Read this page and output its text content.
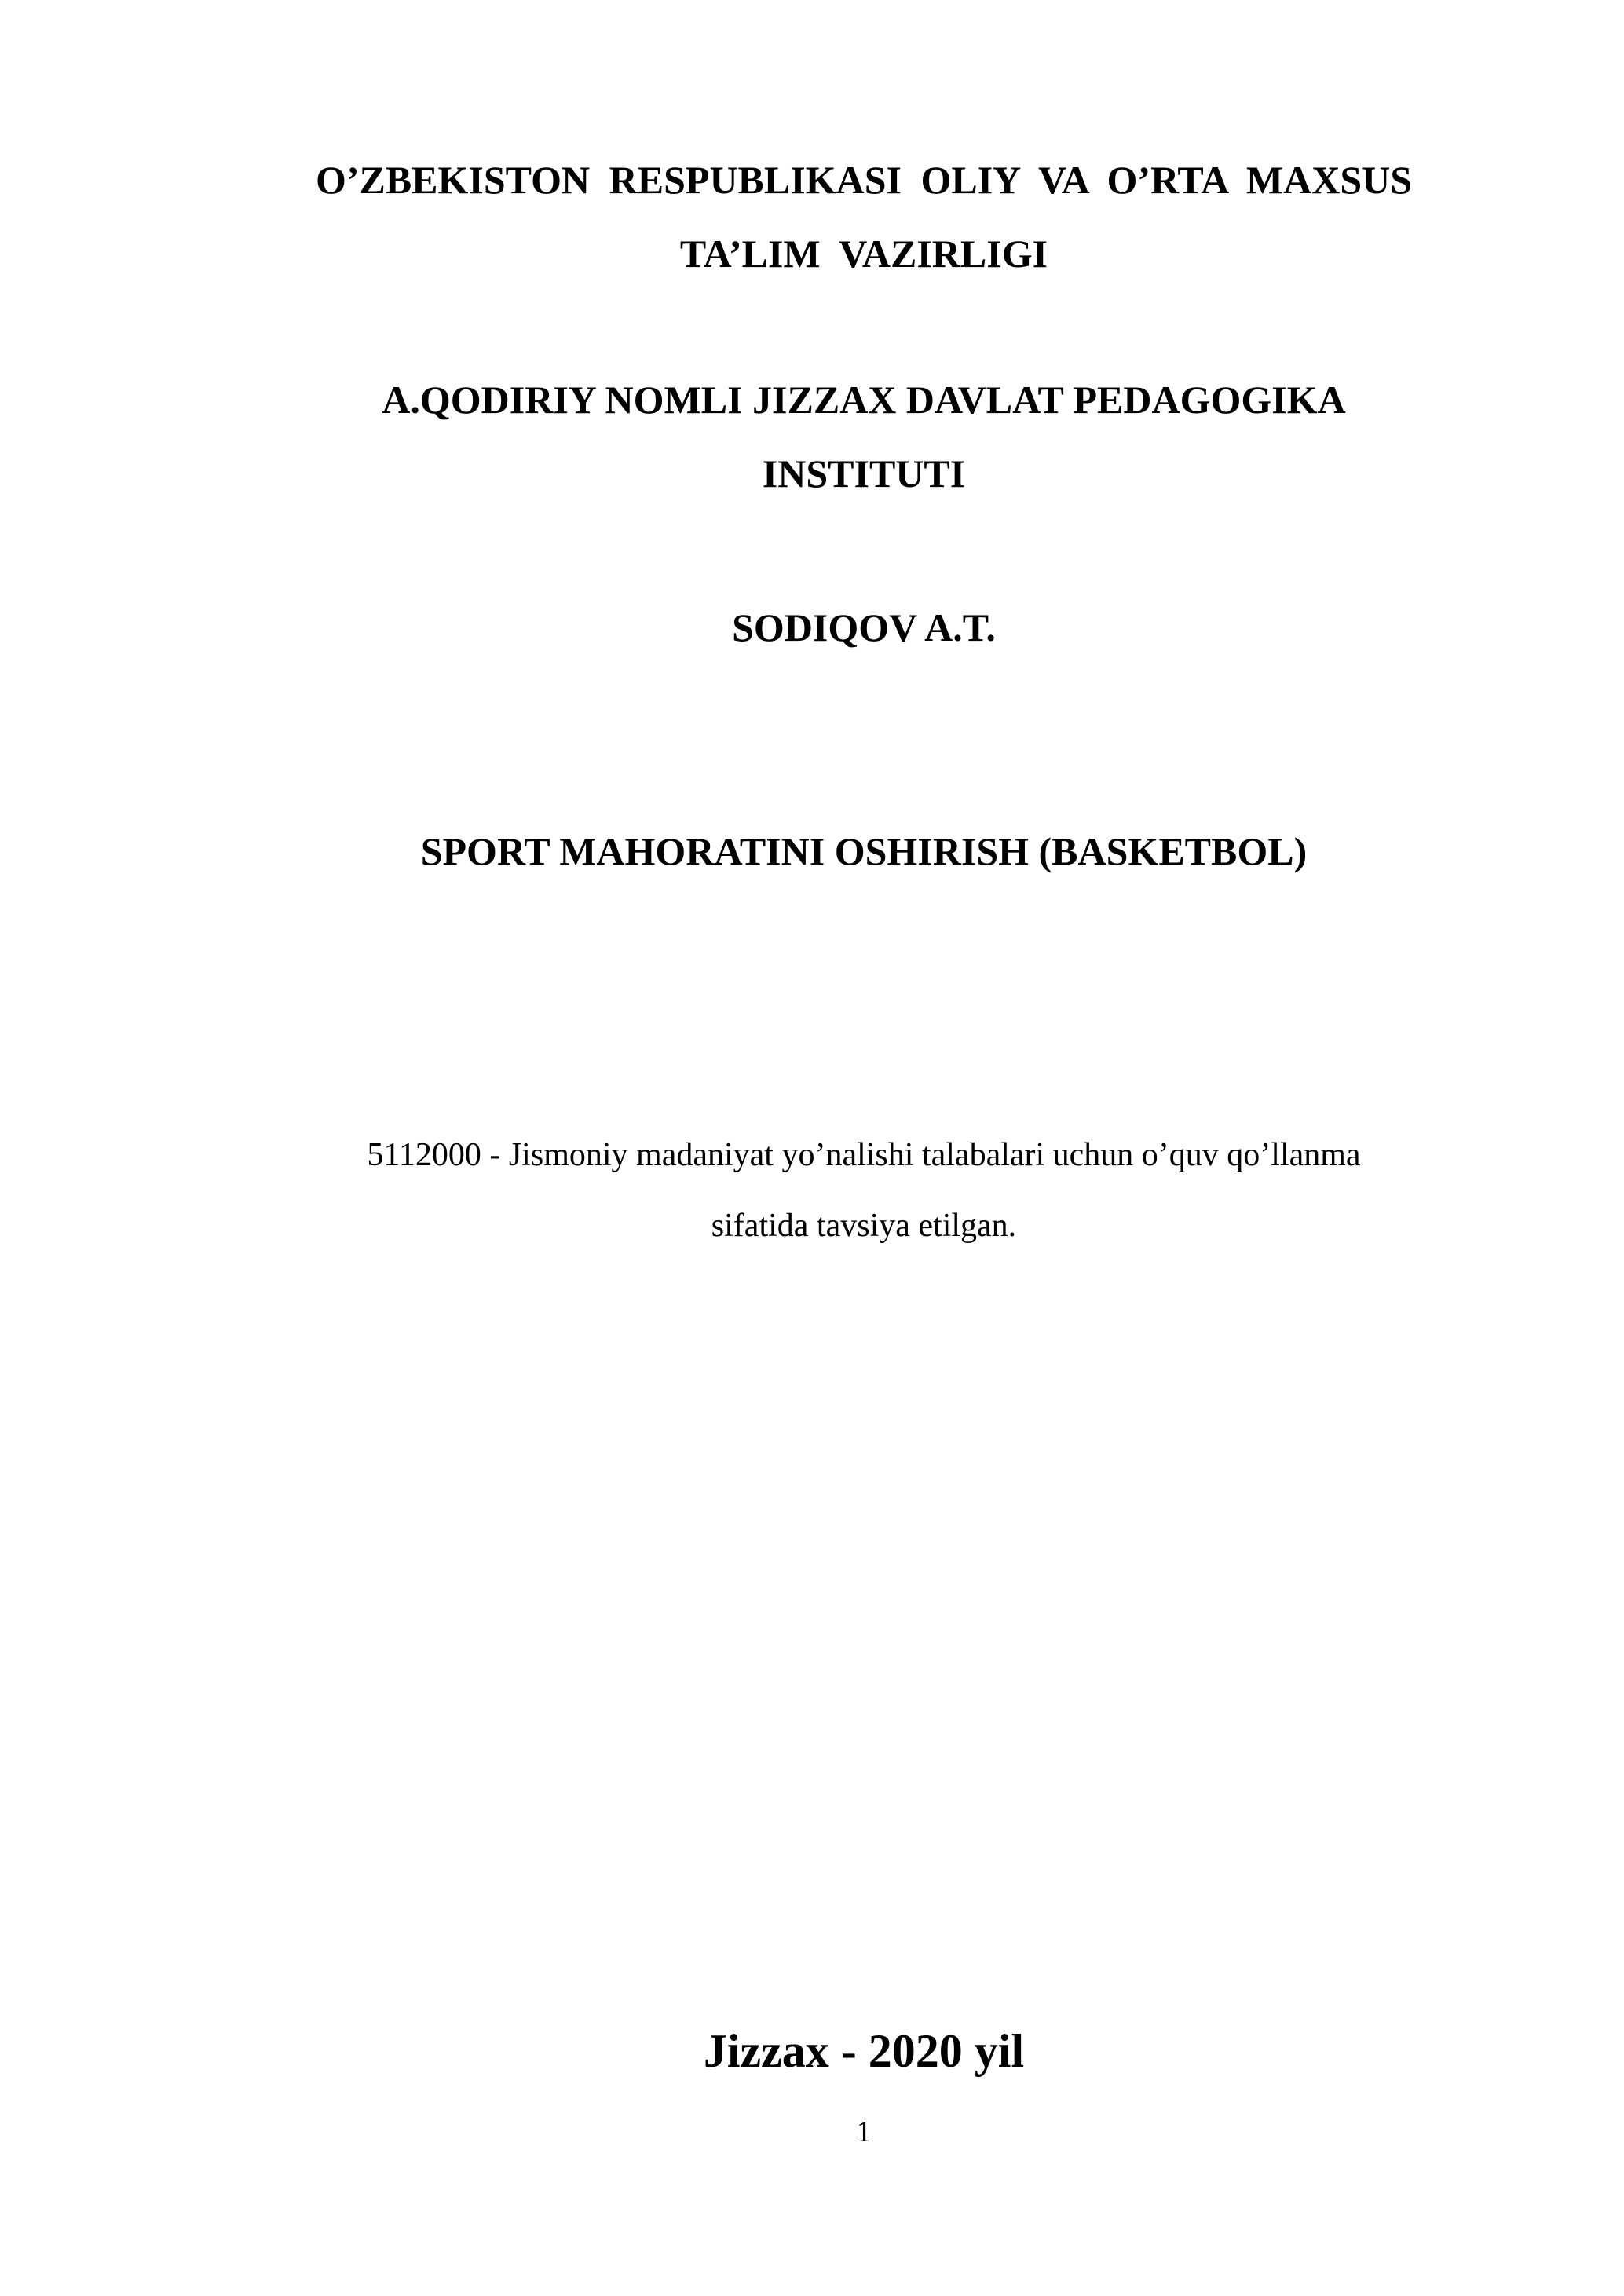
O’ZBEKISTON RESPUBLIKASI OLIY VA O’RTA MAXSUS

TA’LIM VAZIRLIGI

A.QODIRIY NOMLI JIZZAX DAVLAT PEDAGOGIKA

INSTITUTI

SODIQOV A.T.

SPORT MAHORATINI OSHIRISH (BASKETBOL)

5112000 - Jismoniy madaniyat yo’nalishi talabalari uchun o’quv qo’llanma

sifatida tavsiya etilgan.

Jizzax - 2020 yil

1
